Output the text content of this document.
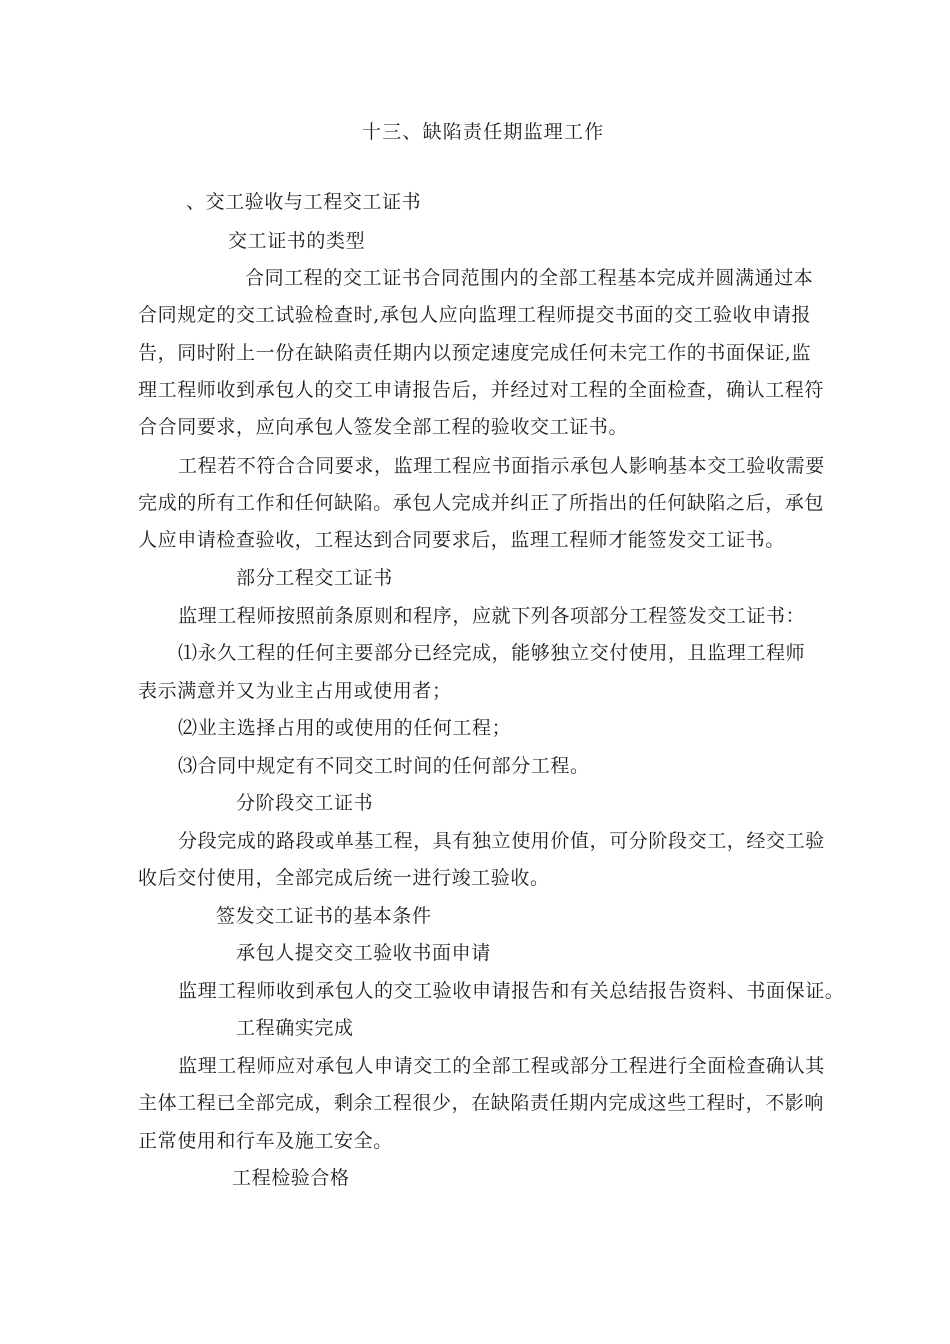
十三、缺陷责任期监理工作
、交工验收与工程交工证书
交工证书的类型
合同工程的交工证书合同范围内的全部工程基本完成并圆满通过本
合同规定的交工试验检查时,承包人应向监理工程师提交书面的交工验收申请报
告，同时附上一份在缺陷责任期内以预定速度完成任何未完工作的书面保证,监
理工程师收到承包人的交工申请报告后，并经过对工程的全面检查，确认工程符
合合同要求，应向承包人签发全部工程的验收交工证书。
工程若不符合合同要求，监理工程应书面指示承包人影响基本交工验收需要
完成的所有工作和任何缺陷。承包人完成并纠正了所指出的任何缺陷之后，承包
人应申请检查验收，工程达到合同要求后，监理工程师才能签发交工证书。
部分工程交工证书
监理工程师按照前条原则和程序，应就下列各项部分工程签发交工证书：
⑴永久工程的任何主要部分已经完成，能够独立交付使用，且监理工程师
表示满意并又为业主占用或使用者；
⑵业主选择占用的或使用的任何工程；
⑶合同中规定有不同交工时间的任何部分工程。
分阶段交工证书
分段完成的路段或单基工程，具有独立使用价值，可分阶段交工，经交工验
收后交付使用，全部完成后统一进行竣工验收。
签发交工证书的基本条件
承包人提交交工验收书面申请
监理工程师收到承包人的交工验收申请报告和有关总结报告资料、书面保证。
工程确实完成
监理工程师应对承包人申请交工的全部工程或部分工程进行全面检查确认其
主体工程已全部完成，剩余工程很少，在缺陷责任期内完成这些工程时，不影响
正常使用和行车及施工安全。
工程检验合格
